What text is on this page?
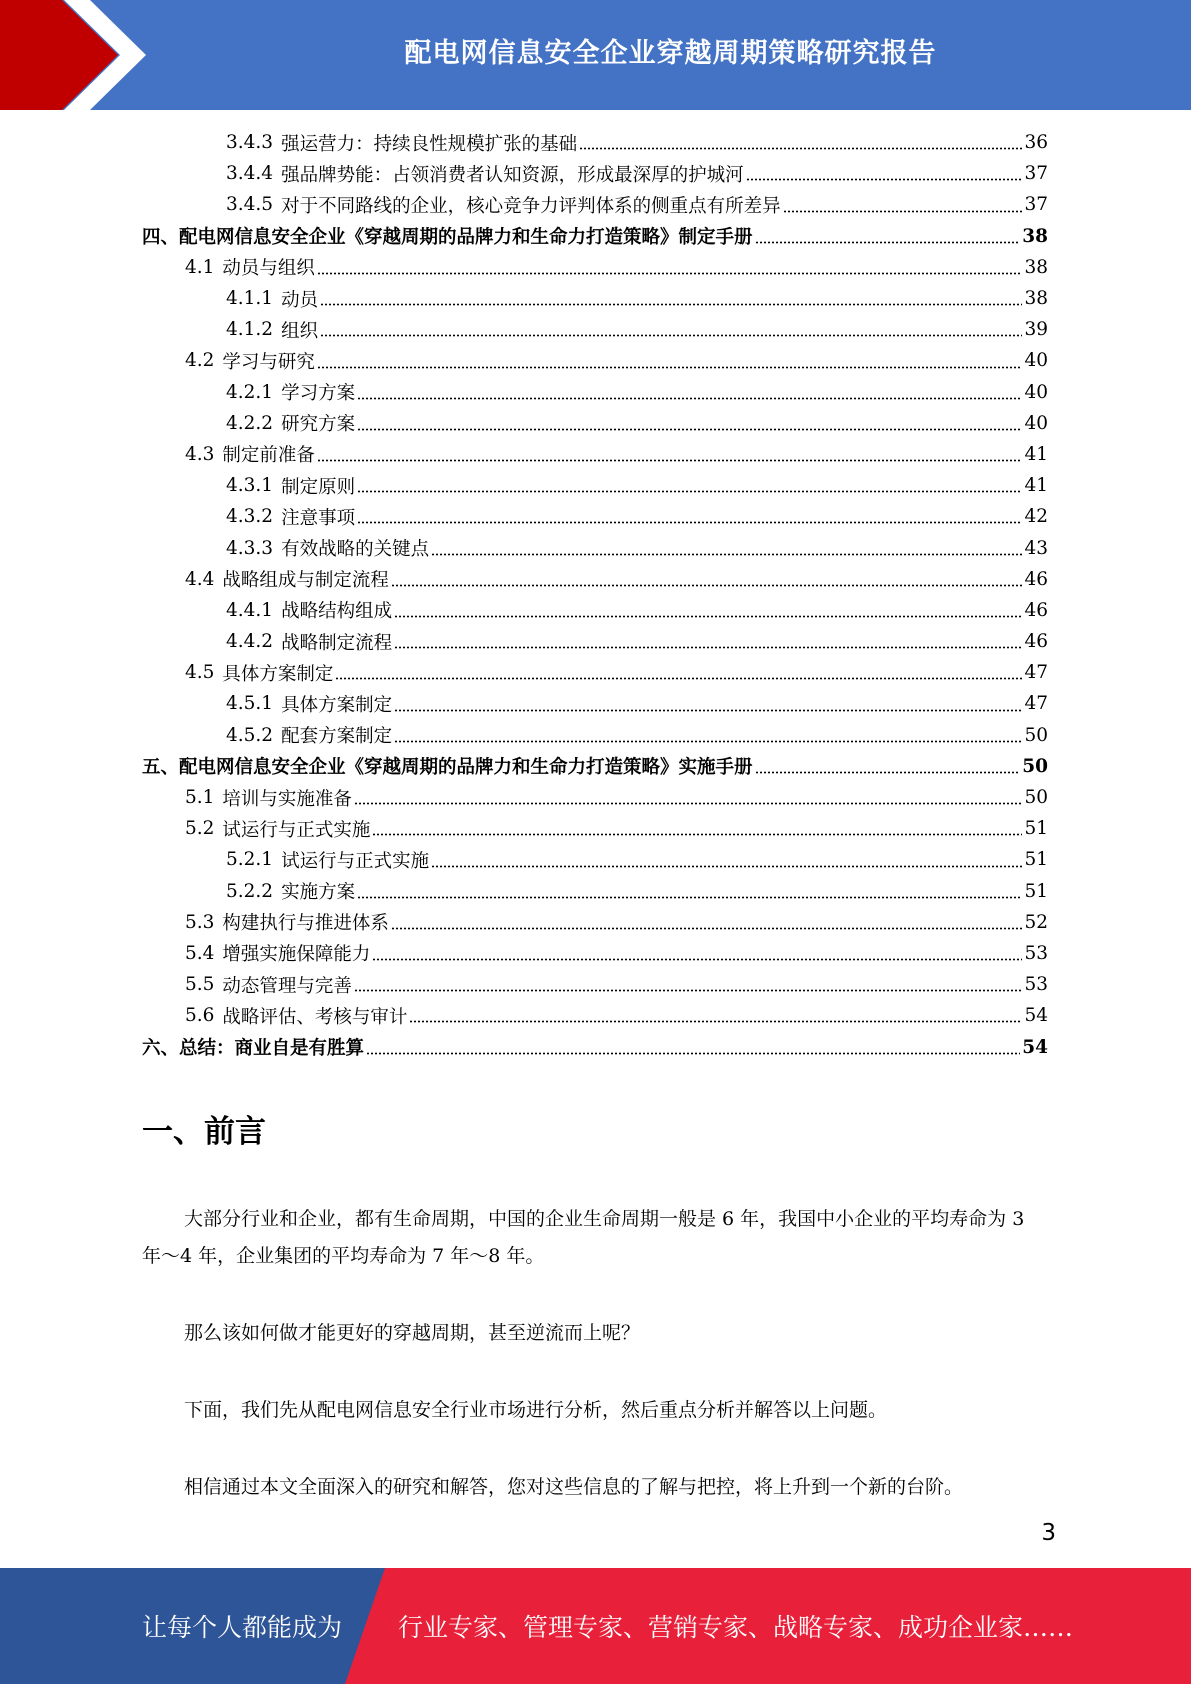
配电网信息安全企业穿越周期策略研究报告
3.4.3 强运营力：持续良性规模扩张的基础	36
3.4.4 强品牌势能：占领消费者认知资源，形成最深厚的护城河	37
3.4.5 对于不同路线的企业，核心竞争力评判体系的侧重点有所差异	37
四、配电网信息安全企业《穿越周期的品牌力和生命力打造策略》制定手册	38
4.1 动员与组织	38
4.1.1 动员	38
4.1.2 组织	39
4.2 学习与研究	40
4.2.1 学习方案	40
4.2.2 研究方案	40
4.3 制定前准备	41
4.3.1 制定原则	41
4.3.2 注意事项	42
4.3.3 有效战略的关键点	43
4.4 战略组成与制定流程	46
4.4.1 战略结构组成	46
4.4.2 战略制定流程	46
4.5 具体方案制定	47
4.5.1 具体方案制定	47
4.5.2 配套方案制定	50
五、配电网信息安全企业《穿越周期的品牌力和生命力打造策略》实施手册	50
5.1 培训与实施准备	50
5.2 试运行与正式实施	51
5.2.1 试运行与正式实施	51
5.2.2 实施方案	51
5.3 构建执行与推进体系	52
5.4 增强实施保障能力	53
5.5 动态管理与完善	53
5.6 战略评估、考核与审计	54
六、总结：商业自是有胜算	54
一、前言

大部分行业和企业，都有生命周期，中国的企业生命周期一般是 6 年，我国中小企业的平均寿命为 3 年～4 年，企业集团的平均寿命为 7 年～8 年。

那么该如何做才能更好的穿越周期，甚至逆流而上呢？

下面，我们先从配电网信息安全行业市场进行分析，然后重点分析并解答以上问题。

相信通过本文全面深入的研究和解答，您对这些信息的了解与把控，将上升到一个新的台阶。

3
让每个人都能成为 行业专家、管理专家、营销专家、战略专家、成功企业家……
